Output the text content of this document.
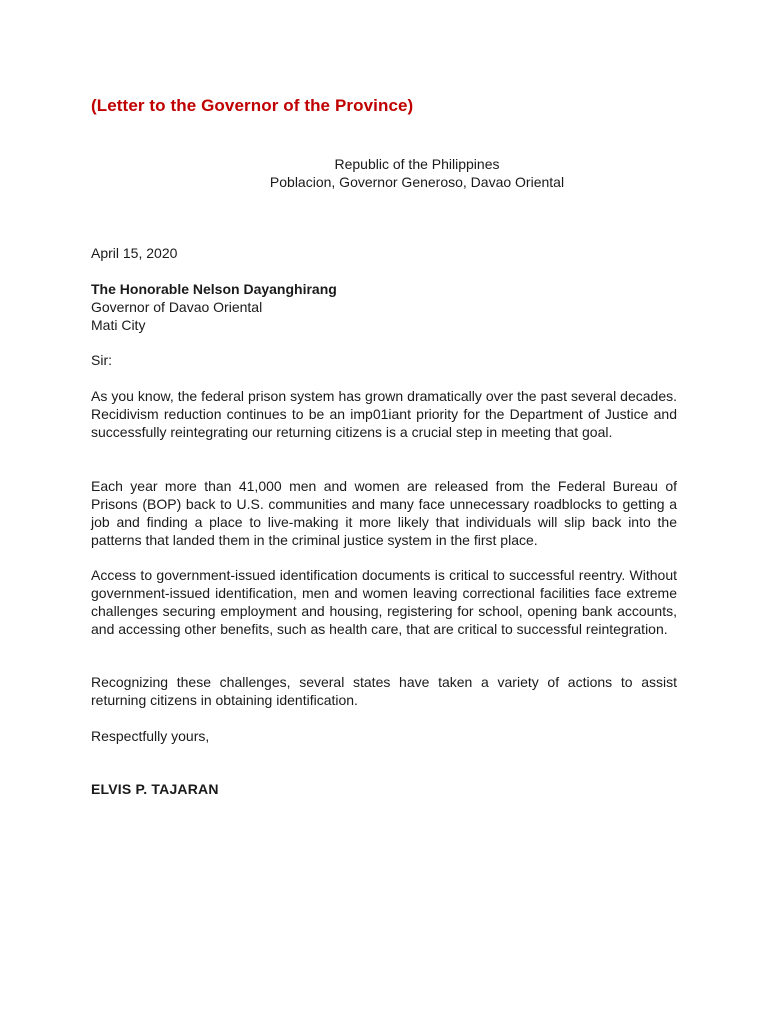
(Letter to the Governor of the Province)
Republic of the Philippines
Poblacion, Governor Generoso, Davao Oriental
April 15, 2020
The Honorable Nelson Dayanghirang
Governor of Davao Oriental
Mati City
Sir:
As you know, the federal prison system has grown dramatically over the past several decades. Recidivism reduction continues to be an imp01iant priority for the Department of Justice and successfully reintegrating our returning citizens is a crucial step in meeting that goal.
Each year more than 41,000 men and women are released from the Federal Bureau of Prisons (BOP) back to U.S. communities and many face unnecessary roadblocks to getting a job and finding a place to live-making it more likely that individuals will slip back into the patterns that landed them in the criminal justice system in the first place.
Access to government-issued identification documents is critical to successful reentry. Without government-issued identification, men and women leaving correctional facilities face extreme challenges securing employment and housing, registering for school, opening bank accounts, and accessing other benefits, such as health care, that are critical to successful reintegration.
Recognizing these challenges, several states have taken a variety of actions to assist returning citizens in obtaining identification.
Respectfully yours,
ELVIS P. TAJARAN
